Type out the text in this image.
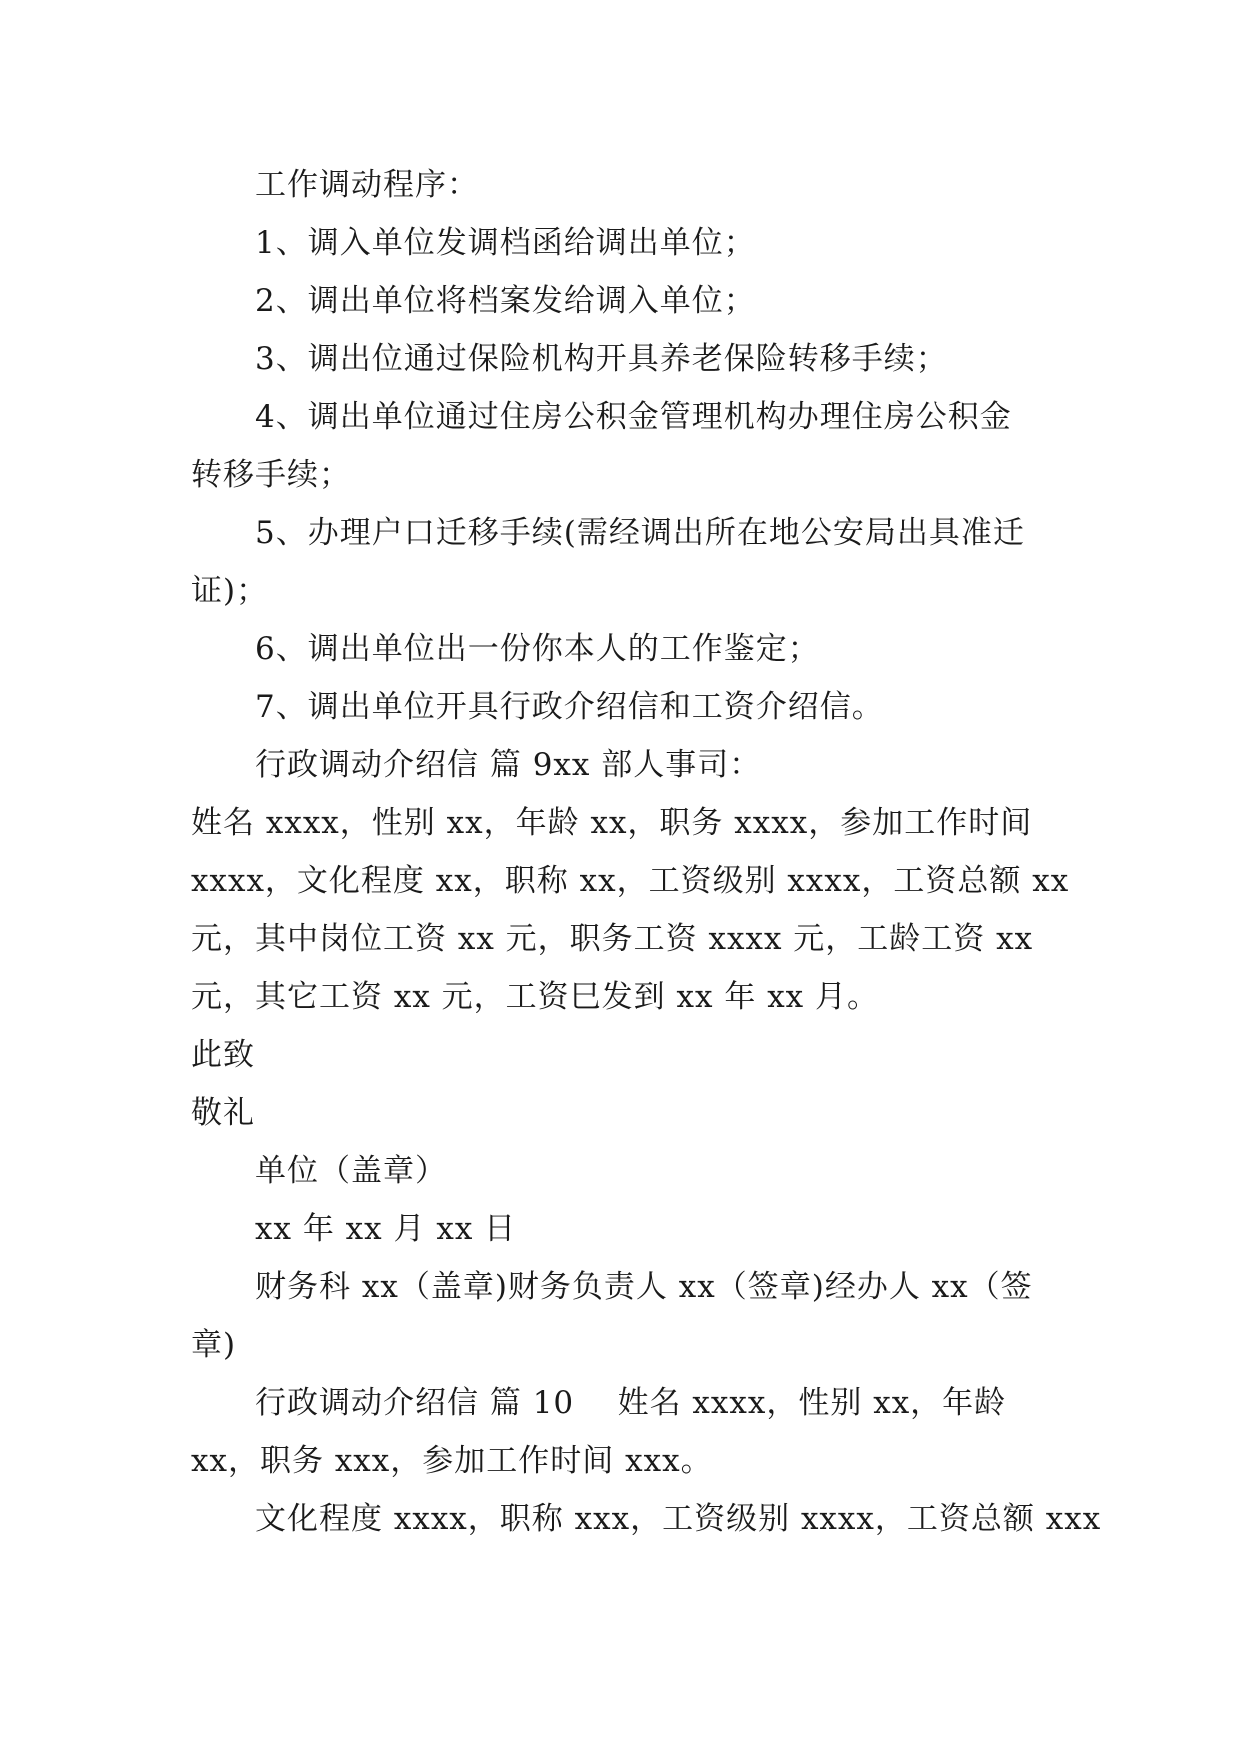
工作调动程序：

1、调入单位发调档函给调出单位；

2、调出单位将档案发给调入单位；

3、调出位通过保险机构开具养老保险转移手续；

4、调出单位通过住房公积金管理机构办理住房公积金

转移手续；

5、办理户口迁移手续(需经调出所在地公安局出具准迁

证)；

6、调出单位出一份你本人的工作鉴定；

7、调出单位开具行政介绍信和工资介绍信。

行政调动介绍信 篇 9xx 部人事司：

姓名 xxxx，性别 xx，年龄 xx，职务 xxxx，参加工作时间

xxxx，文化程度 xx，职称 xx，工资级别 xxxx，工资总额 xx

元，其中岗位工资 xx 元，职务工资 xxxx 元，工龄工资 xx

元，其它工资 xx 元，工资巳发到 xx 年 xx 月。

此致

敬礼

单位（盖章）

xx 年 xx 月 xx 日

财务科 xx（盖章)财务负责人 xx（签章)经办人 xx（签

章)

行政调动介绍信 篇 10    姓名 xxxx，性别 xx，年龄

xx，职务 xxx，参加工作时间 xxx。

文化程度 xxxx，职称 xxx，工资级别 xxxx，工资总额 xxx
